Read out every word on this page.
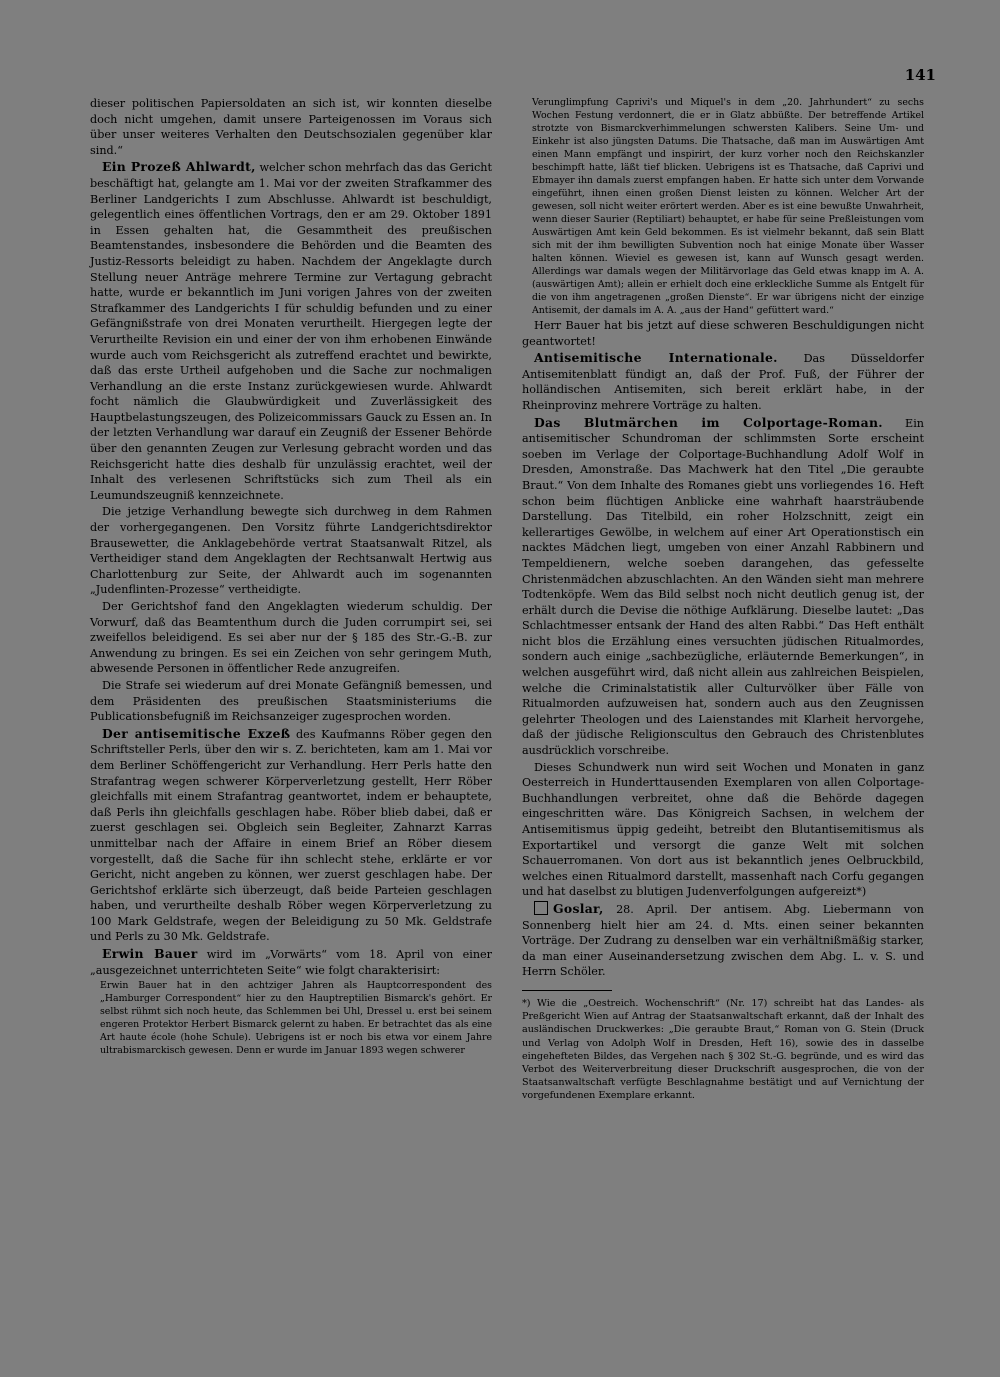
141

dieser politischen Papiersoldaten an sich ist, wir konnten dieselbe doch nicht umgehen, damit unsere Parteigenossen im Voraus sich über unser weiteres Verhalten den Deutschsozialen gegenüber klar sind.“

Ein Prozeß Ahlwardt, welcher schon mehrfach das das Gericht beschäftigt hat, gelangte am 1. Mai vor der zweiten Strafkammer des Berliner Landgerichts I zum Abschlusse. Ahlwardt ist beschuldigt, gelegentlich eines öffentlichen Vortrags, den er am 29. Oktober 1891 in Essen gehalten hat, die Gesammtheit des preußischen Beamtenstandes, insbesondere die Behörden und die Beamten des Justiz-Ressorts beleidigt zu haben. Nachdem der Angeklagte durch Stellung neuer Anträge mehrere Termine zur Vertagung gebracht hatte, wurde er bekanntlich im Juni vorigen Jahres von der zweiten Strafkammer des Landgerichts I für schuldig befunden und zu einer Gefängnißstrafe von drei Monaten verurtheilt. Hiergegen legte der Verurtheilte Revision ein und einer der von ihm erhobenen Einwände wurde auch vom Reichsgericht als zutreffend erachtet und bewirkte, daß das erste Urtheil aufgehoben und die Sache zur nochmaligen Verhandlung an die erste Instanz zurückgewiesen wurde. Ahlwardt focht nämlich die Glaubwürdigkeit und Zuverlässigkeit des Hauptbelastungszeugen, des Polizeicommissars Gauck zu Essen an. In der letzten Verhandlung war darauf ein Zeugniß der Essener Behörde über den genannten Zeugen zur Verlesung gebracht worden und das Reichsgericht hatte dies deshalb für unzulässig erachtet, weil der Inhalt des verlesenen Schriftstücks sich zum Theil als ein Leumundszeugniß kennzeichnete.

Die jetzige Verhandlung bewegte sich durchweg in dem Rahmen der vorhergegangenen. Den Vorsitz führte Landgerichtsdirektor Brausewetter, die Anklagebehörde vertrat Staatsanwalt Ritzel, als Vertheidiger stand dem Angeklagten der Rechtsanwalt Hertwig aus Charlottenburg zur Seite, der Ahlwardt auch im sogenannten „Judenflinten-Prozesse“ vertheidigte.

Der Gerichtshof fand den Angeklagten wiederum schuldig. Der Vorwurf, daß das Beamtenthum durch die Juden corrumpirt sei, sei zweifellos beleidigend. Es sei aber nur der § 185 des Str.-G.-B. zur Anwendung zu bringen. Es sei ein Zeichen von sehr geringem Muth, abwesende Personen in öffentlicher Rede anzugreifen.

Die Strafe sei wiederum auf drei Monate Gefängniß bemessen, und dem Präsidenten des preußischen Staatsministeriums die Publicationsbefugniß im Reichsanzeiger zugesprochen worden.

Der antisemitische Exzeß des Kaufmanns Röber gegen den Schriftsteller Perls, über den wir s. Z. berichteten, kam am 1. Mai vor dem Berliner Schöffengericht zur Verhandlung. Herr Perls hatte den Strafantrag wegen schwerer Körperverletzung gestellt, Herr Röber gleichfalls mit einem Strafantrag geantwortet, indem er behauptete, daß Perls ihn gleichfalls geschlagen habe. Röber blieb dabei, daß er zuerst geschlagen sei. Obgleich sein Begleiter, Zahnarzt Karras unmittelbar nach der Affaire in einem Brief an Röber diesem vorgestellt, daß die Sache für ihn schlecht stehe, erklärte er vor Gericht, nicht angeben zu können, wer zuerst geschlagen habe. Der Gerichtshof erklärte sich überzeugt, daß beide Parteien geschlagen haben, und verurtheilte deshalb Röber wegen Körperverletzung zu 100 Mark Geldstrafe, wegen der Beleidigung zu 50 Mk. Geldstrafe und Perls zu 30 Mk. Geldstrafe.

Erwin Bauer wird im „Vorwärts“ vom 18. April von einer „ausgezeichnet unterrichteten Seite“ wie folgt charakterisirt:

Erwin Bauer hat in den achtziger Jahren als Hauptcorrespondent des „Hamburger Correspondent“ hier zu den Hauptreptilien Bismarck's gehört. Er selbst rühmt sich noch heute, das Schlemmen bei Uhl, Dressel u. erst bei seinem engeren Protektor Herbert Bismarck gelernt zu haben. Er betrachtet das als eine Art haute école (hohe Schule). Uebrigens ist er noch bis etwa vor einem Jahre ultrabismarckisch gewesen. Denn er wurde im Januar 1893 wegen schwerer

Verunglimpfung Caprivi's und Miquel's in dem „20. Jahrhundert“ zu sechs Wochen Festung verdonnert, die er in Glatz abbüßte. Der betreffende Artikel strotzte von Bismarckverhimmelungen schwersten Kalibers. Seine Um- und Einkehr ist also jüngsten Datums. Die Thatsache, daß man im Auswärtigen Amt einen Mann empfängt und inspirirt, der kurz vorher noch den Reichskanzler beschimpft hatte, läßt tief blicken. Uebrigens ist es Thatsache, daß Caprivi und Ebmayer ihn damals zuerst empfangen haben. Er hatte sich unter dem Vorwande eingeführt, ihnen einen großen Dienst leisten zu können. Welcher Art der gewesen, soll nicht weiter erörtert werden. Aber es ist eine bewußte Unwahrheit, wenn dieser Saurier (Reptiliart) behauptet, er habe für seine Preßleistungen vom Auswärtigen Amt kein Geld bekommen. Es ist vielmehr bekannt, daß sein Blatt sich mit der ihm bewilligten Subvention noch hat einige Monate über Wasser halten können. Wieviel es gewesen ist, kann auf Wunsch gesagt werden. Allerdings war damals wegen der Militärvorlage das Geld etwas knapp im A. A. (auswärtigen Amt); allein er erhielt doch eine erkleckliche Summe als Entgelt für die von ihm angetragenen „großen Dienste“. Er war übrigens nicht der einzige Antisemit, der damals im A. A. „aus der Hand“ gefüttert ward.“

Herr Bauer hat bis jetzt auf diese schweren Beschuldigungen nicht geantwortet!

Antisemitische Internationale. Das Düsseldorfer Antisemitenblatt fündigt an, daß der Prof. Fuß, der Führer der holländischen Antisemiten, sich bereit erklärt habe, in der Rheinprovinz mehrere Vorträge zu halten.

Das Blutmärchen im Colportage-Roman. Ein antisemitischer Schundroman der schlimmsten Sorte erscheint soeben im Verlage der Colportage-Buchhandlung Adolf Wolf in Dresden, Amonstraße. Das Machwerk hat den Titel „Die geraubte Braut.“ Von dem Inhalte des Romanes giebt uns vorliegendes 16. Heft schon beim flüchtigen Anblicke eine wahrhaft haarsträubende Darstellung. Das Titelbild, ein roher Holzschnitt, zeigt ein kellerartiges Gewölbe, in welchem auf einer Art Operationstisch ein nacktes Mädchen liegt, umgeben von einer Anzahl Rabbinern und Tempeldienern, welche soeben darangehen, das gefesselte Christenmädchen abzuschlachten. An den Wänden sieht man mehrere Todtenköpfe. Wem das Bild selbst noch nicht deutlich genug ist, der erhält durch die Devise die nöthige Aufklärung. Dieselbe lautet: „Das Schlachtmesser entsank der Hand des alten Rabbi.“ Das Heft enthält nicht blos die Erzählung eines versuchten jüdischen Ritualmordes, sondern auch einige „sachbezügliche, erläuternde Bemerkungen“, in welchen ausgeführt wird, daß nicht allein aus zahlreichen Beispielen, welche die Criminalstatistik aller Culturvölker über Fälle von Ritualmorden aufzuweisen hat, sondern auch aus den Zeugnissen gelehrter Theologen und des Laienstandes mit Klarheit hervorgehe, daß der jüdische Religionscultus den Gebrauch des Christenblutes ausdrücklich vorschreibe.

Dieses Schundwerk nun wird seit Wochen und Monaten in ganz Oesterreich in Hunderttausenden Exemplaren von allen Colportage-Buchhandlungen verbreitet, ohne daß die Behörde dagegen eingeschritten wäre. Das Königreich Sachsen, in welchem der Antisemitismus üppig gedeiht, betreibt den Blutantisemitismus als Exportartikel und versorgt die ganze Welt mit solchen Schauerromanen. Von dort aus ist bekanntlich jenes Oelbruckbild, welches einen Ritualmord darstellt, massenhaft nach Corfu gegangen und hat daselbst zu blutigen Judenverfolgungen aufgereizt*)

Goslar, 28. April. Der antisem. Abg. Liebermann von Sonnenberg hielt hier am 24. d. Mts. einen seiner bekannten Vorträge. Der Zudrang zu denselben war ein verhältnißmäßig starker, da man einer Auseinandersetzung zwischen dem Abg. L. v. S. und Herrn Schöler.

*) Wie die „Oestreich. Wochenschrift“ (Nr. 17) schreibt hat das Landes- als Preßgericht Wien auf Antrag der Staatsanwaltschaft erkannt, daß der Inhalt des ausländischen Druckwerkes: „Die geraubte Braut,“ Roman von G. Stein (Druck und Verlag von Adolph Wolf in Dresden, Heft 16), sowie des in dasselbe eingehefteten Bildes, das Vergehen nach § 302 St.-G. begründe, und es wird das Verbot des Weiterverbreitung dieser Druckschrift ausgesprochen, die von der Staatsanwaltschaft verfügte Beschlagnahme bestätigt und auf Vernichtung der vorgefundenen Exemplare erkannt.
